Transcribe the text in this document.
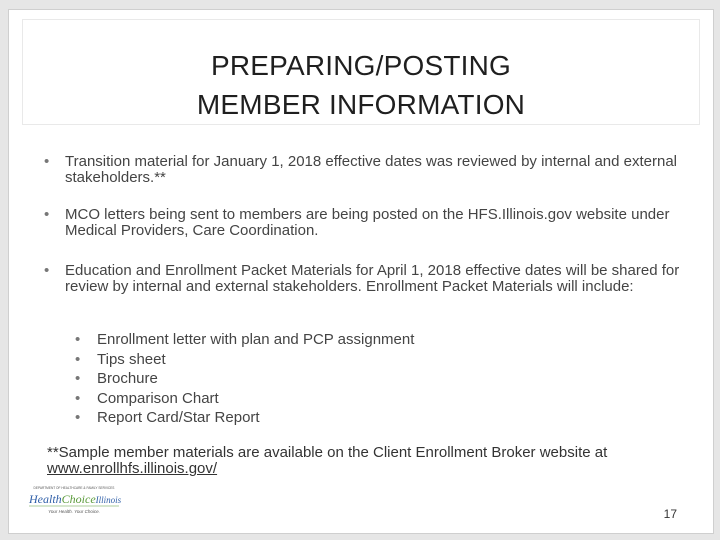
PREPARING/POSTING
MEMBER INFORMATION
• Transition material for January 1, 2018 effective dates was reviewed by internal and external stakeholders.**
• MCO letters being sent to members are being posted on the HFS.Illinois.gov website under Medical Providers, Care Coordination.
• Education and Enrollment Packet Materials for April 1, 2018 effective dates will be shared for review by internal and external stakeholders. Enrollment Packet Materials will include:
• Enrollment letter with plan and PCP assignment
• Tips sheet
• Brochure
• Comparison Chart
• Report Card/Star Report
**Sample member materials are available on the Client Enrollment Broker website at
www.enrollhfs.illinois.gov/
DEPARTMENT OF HEALTHCARE & FAMILY SERVICES
HealthChoiceIllinois
Your Health. Your Choice.	17
